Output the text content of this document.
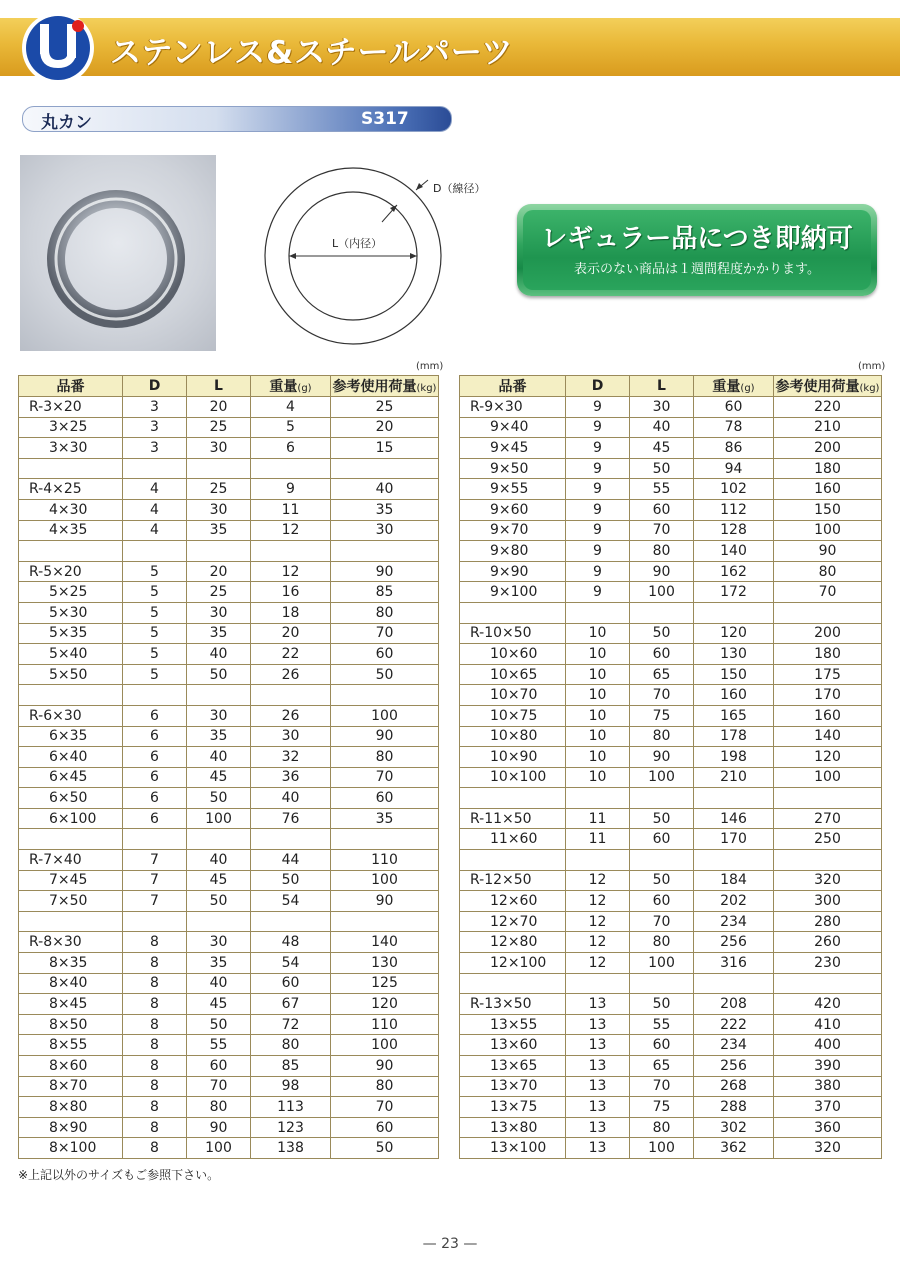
ステンレス&スチールパーツ
丸カン	S317
D（線径）
L（内径）	レギュラー品につき即納可
表示のない商品は１週間程度かかります。
(mm)	(mm)
品番	D	L	重量(g)	参考使用荷量(kg)
R-3×20	3	20	4	25
3×25	3	25	5	20
3×30	3	30	6	15

R-4×25	4	25	9	40
4×30	4	30	11	35
4×35	4	35	12	30

R-5×20	5	20	12	90
5×25	5	25	16	85
5×30	5	30	18	80
5×35	5	35	20	70
5×40	5	40	22	60
5×50	5	50	26	50

R-6×30	6	30	26	100
6×35	6	35	30	90
6×40	6	40	32	80
6×45	6	45	36	70
6×50	6	50	40	60
6×100	6	100	76	35

R-7×40	7	40	44	110
7×45	7	45	50	100
7×50	7	50	54	90

R-8×30	8	30	48	140
8×35	8	35	54	130
8×40	8	40	60	125
8×45	8	45	67	120
8×50	8	50	72	110
8×55	8	55	80	100
8×60	8	60	85	90
8×70	8	70	98	80
8×80	8	80	113	70
8×90	8	90	123	60
8×100	8	100	138	50
品番	D	L	重量(g)	参考使用荷量(kg)
R-9×30	9	30	60	220
9×40	9	40	78	210
9×45	9	45	86	200
9×50	9	50	94	180
9×55	9	55	102	160
9×60	9	60	112	150
9×70	9	70	128	100
9×80	9	80	140	90
9×90	9	90	162	80
9×100	9	100	172	70

R-10×50	10	50	120	200
10×60	10	60	130	180
10×65	10	65	150	175
10×70	10	70	160	170
10×75	10	75	165	160
10×80	10	80	178	140
10×90	10	90	198	120
10×100	10	100	210	100

R-11×50	11	50	146	270
11×60	11	60	170	250

R-12×50	12	50	184	320
12×60	12	60	202	300
12×70	12	70	234	280
12×80	12	80	256	260
12×100	12	100	316	230

R-13×50	13	50	208	420
13×55	13	55	222	410
13×60	13	60	234	400
13×65	13	65	256	390
13×70	13	70	268	380
13×75	13	75	288	370
13×80	13	80	302	360
13×100	13	100	362	320
※上記以外のサイズもご参照下さい。
— 23 —
